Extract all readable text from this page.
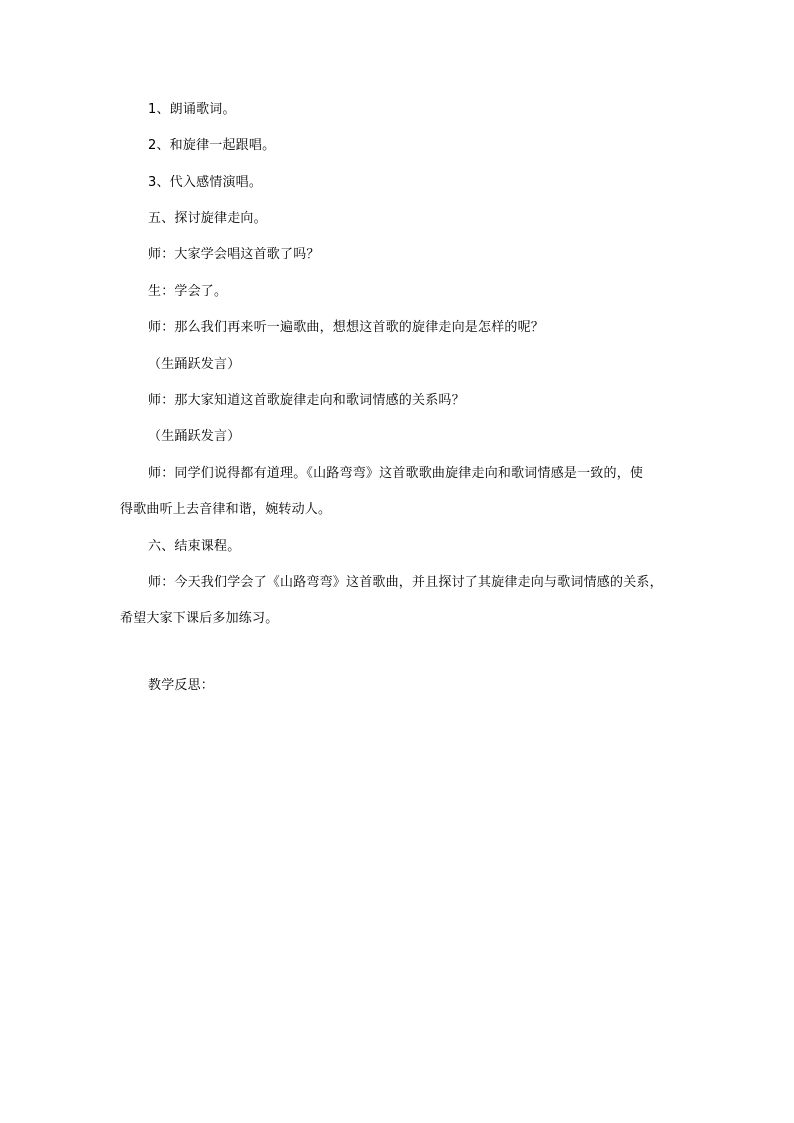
1、朗诵歌词。
2、和旋律一起跟唱。
3、代入感情演唱。
五、探讨旋律走向。
师：大家学会唱这首歌了吗？
生：学会了。
师：那么我们再来听一遍歌曲，想想这首歌的旋律走向是怎样的呢？
（生踊跃发言）
师：那大家知道这首歌旋律走向和歌词情感的关系吗？
（生踊跃发言）
师：同学们说得都有道理。《山路弯弯》这首歌歌曲旋律走向和歌词情感是一致的，使
得歌曲听上去音律和谐，婉转动人。
六、结束课程。
师：今天我们学会了《山路弯弯》这首歌曲，并且探讨了其旋律走向与歌词情感的关系，
希望大家下课后多加练习。
教学反思：
